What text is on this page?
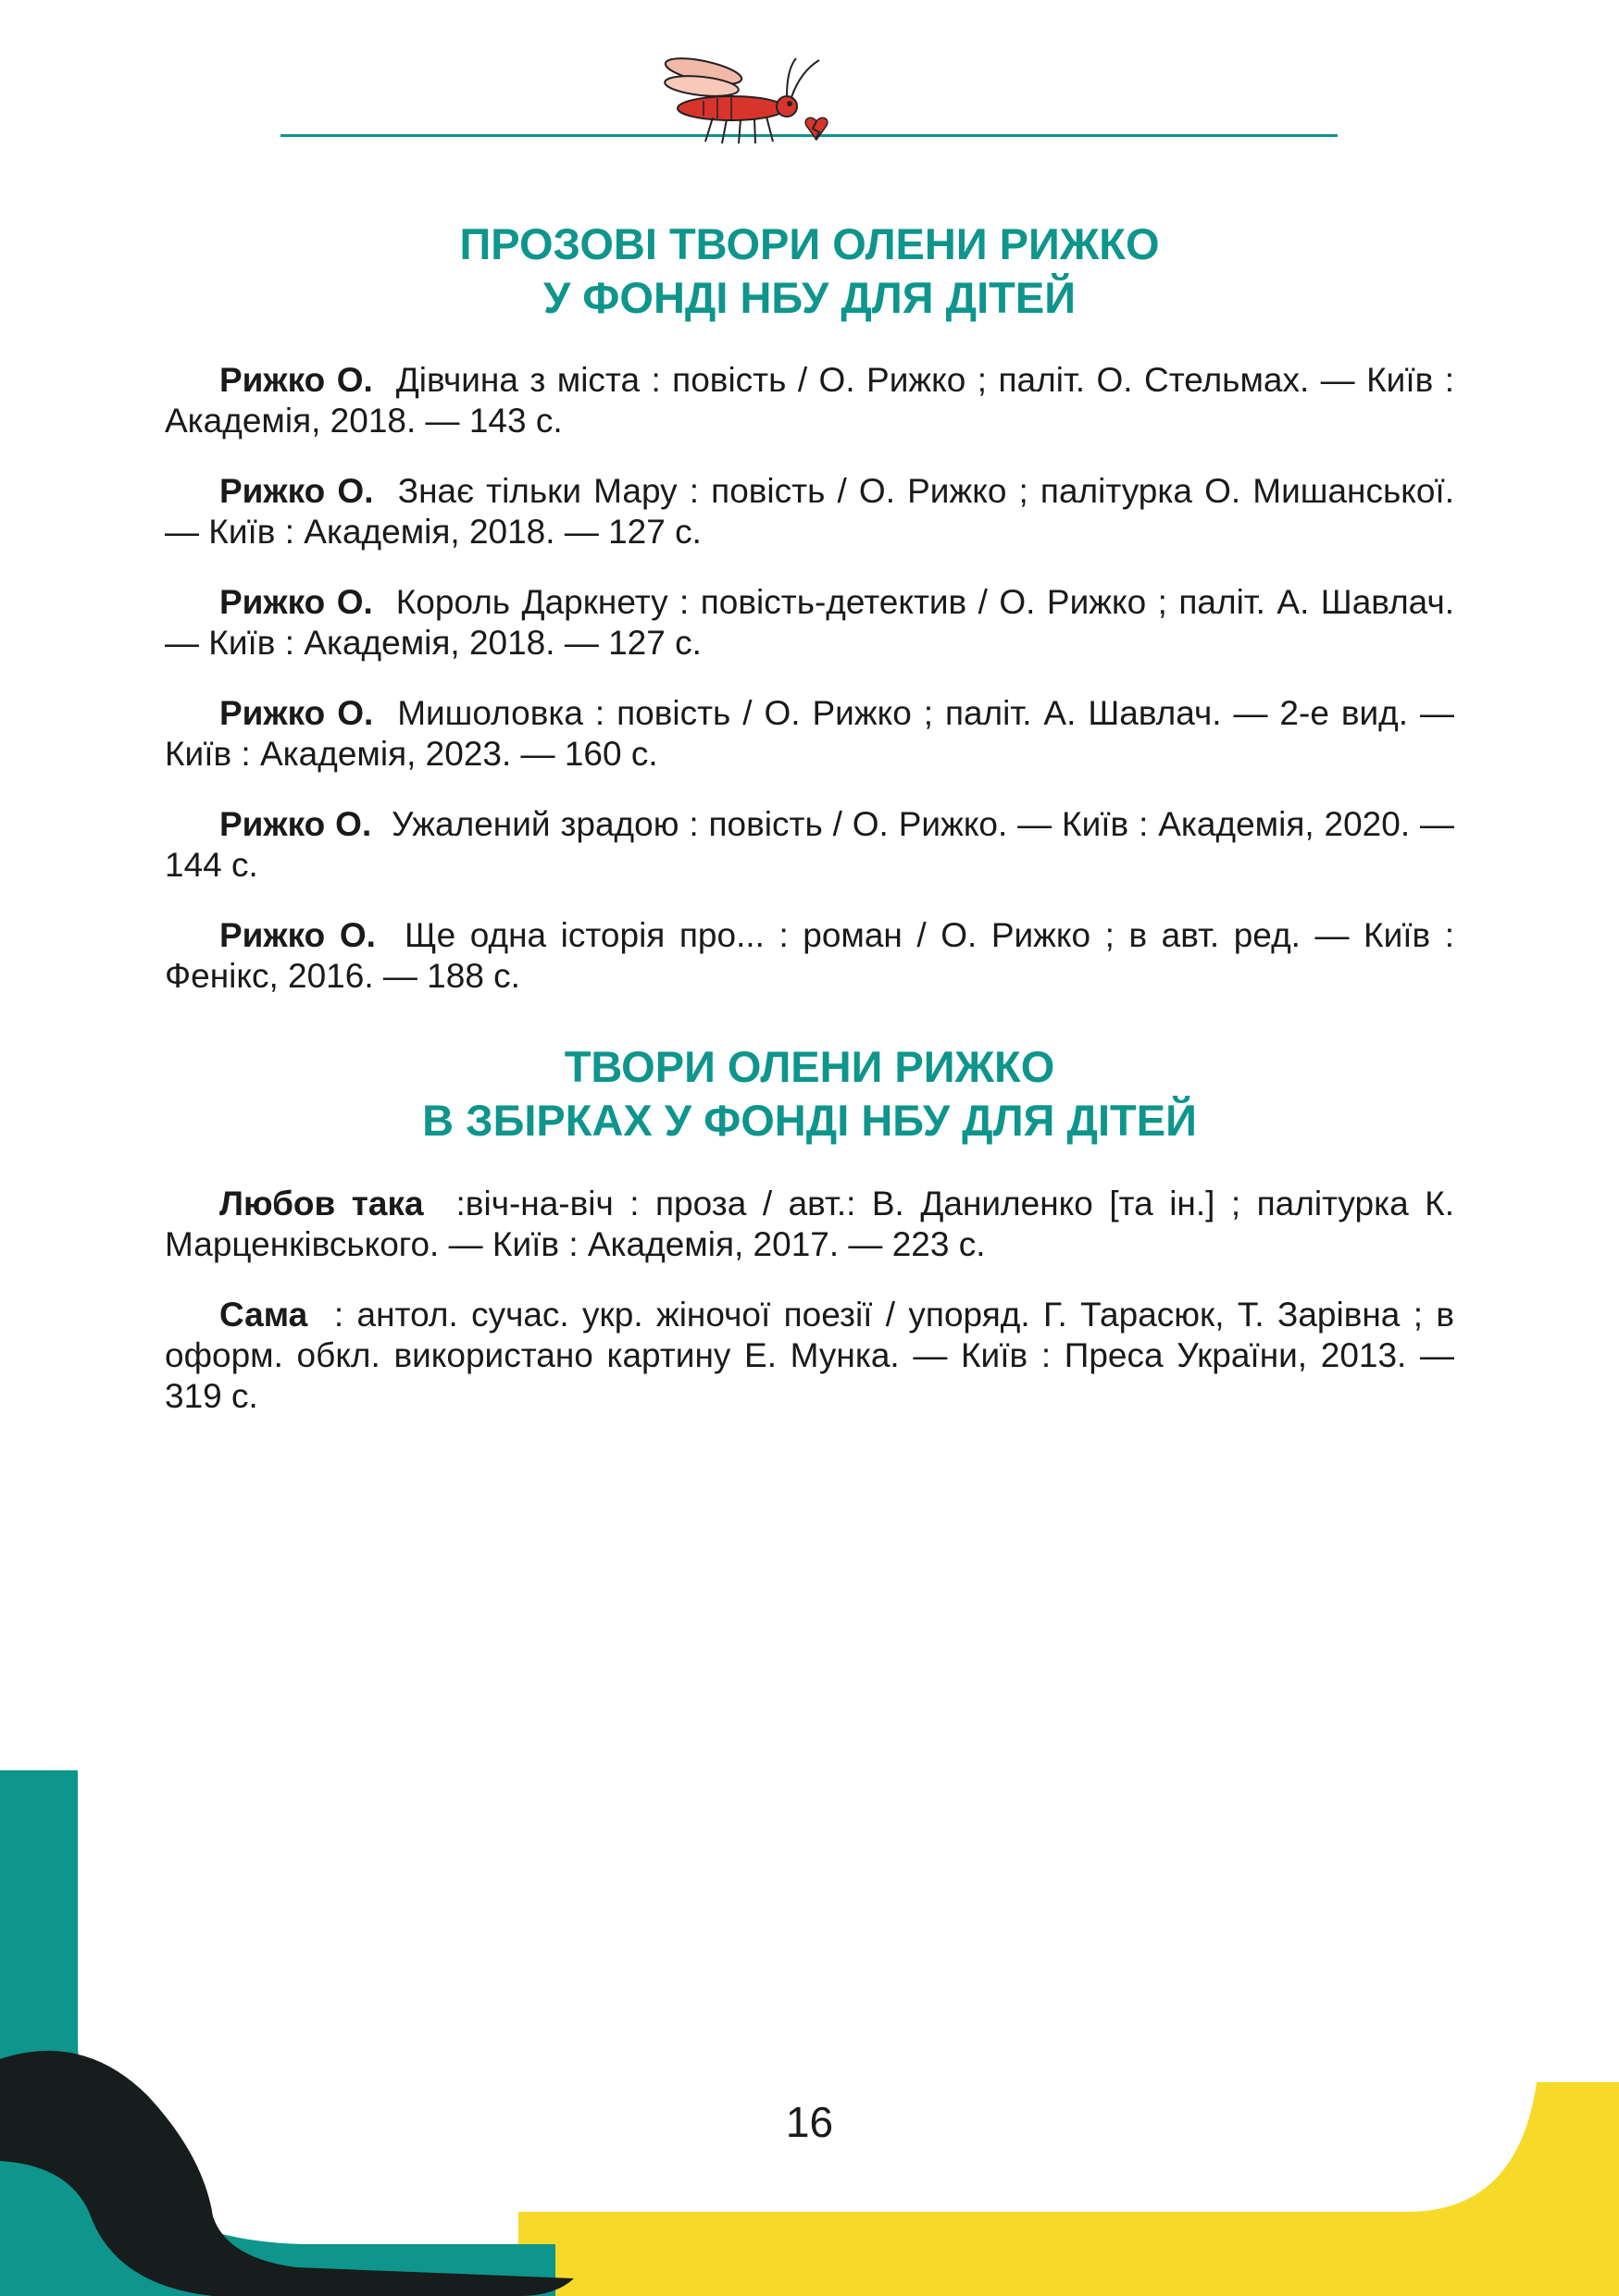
ПРОЗОВІ ТВОРИ ОЛЕНИ РИЖКО
У ФОНДІ НБУ ДЛЯ ДІТЕЙ

Рижко О. Дівчина з міста : повість / О. Рижко ; паліт. О. Стельмах. — Київ : Академія, 2018. — 143 с.

Рижко О. Знає тільки Мару : повість / О. Рижко ; палітурка О. Мишанської. — Київ : Академія, 2018. — 127 с.

Рижко О. Король Даркнету : повість-детектив / О. Рижко ; паліт. А. Шавлач. — Київ : Академія, 2018. — 127 с.

Рижко О. Мишоловка : повість / О. Рижко ; паліт. А. Шавлач. — 2-е вид. — Київ : Академія, 2023. — 160 с.

Рижко О. Ужалений зрадою : повість / О. Рижко. — Київ : Академія, 2020. — 144 с.

Рижко О. Ще одна історія про... : роман / О. Рижко ; в авт. ред. — Київ : Фенікс, 2016. — 188 с.

ТВОРИ ОЛЕНИ РИЖКО
В ЗБІРКАХ У ФОНДІ НБУ ДЛЯ ДІТЕЙ

Любов така :віч-на-віч : проза / авт.: В. Даниленко [та ін.] ; палітурка К. Марценківського. — Київ : Академія, 2017. — 223 с.

Сама : антол. сучас. укр. жіночої поезії / упоряд. Г. Тарасюк, Т. Зарівна ; в оформ. обкл. використано картину Е. Мунка. — Київ : Преса України, 2013. — 319 с.

16
